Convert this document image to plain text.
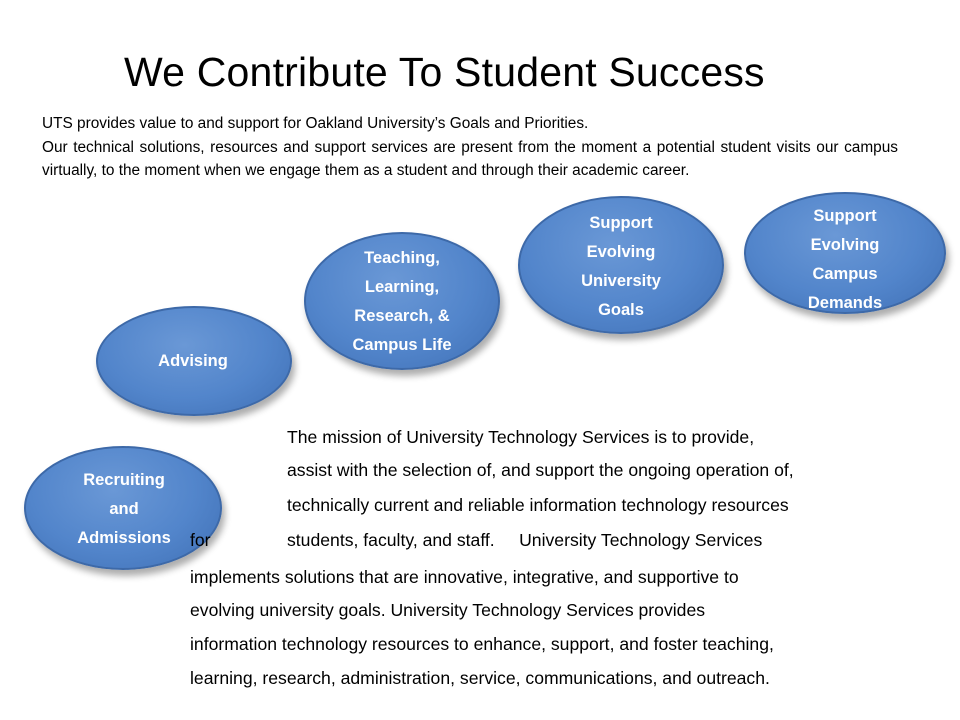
We Contribute To Student Success

UTS provides value to and support for Oakland University’s Goals and Priorities.

Our technical solutions, resources and support services are present from the moment a potential student visits our campus virtually, to the moment when we engage them as a student and through their academic career.

Recruiting
and
Admissions
Advising
Teaching,
Learning,
Research, &
Campus Life
Support
Evolving
University
Goals
Support
Evolving
Campus
Demands
The mission of University Technology Services is to provide,
assist with the selection of, and support the ongoing operation of,
technically current and reliable information technology resources
for	students, faculty, and staff.     University Technology Services
implements solutions that are innovative, integrative, and supportive to
evolving university goals. University Technology Services provides
information technology resources to enhance, support, and foster teaching,
learning, research, administration, service, communications, and outreach.
